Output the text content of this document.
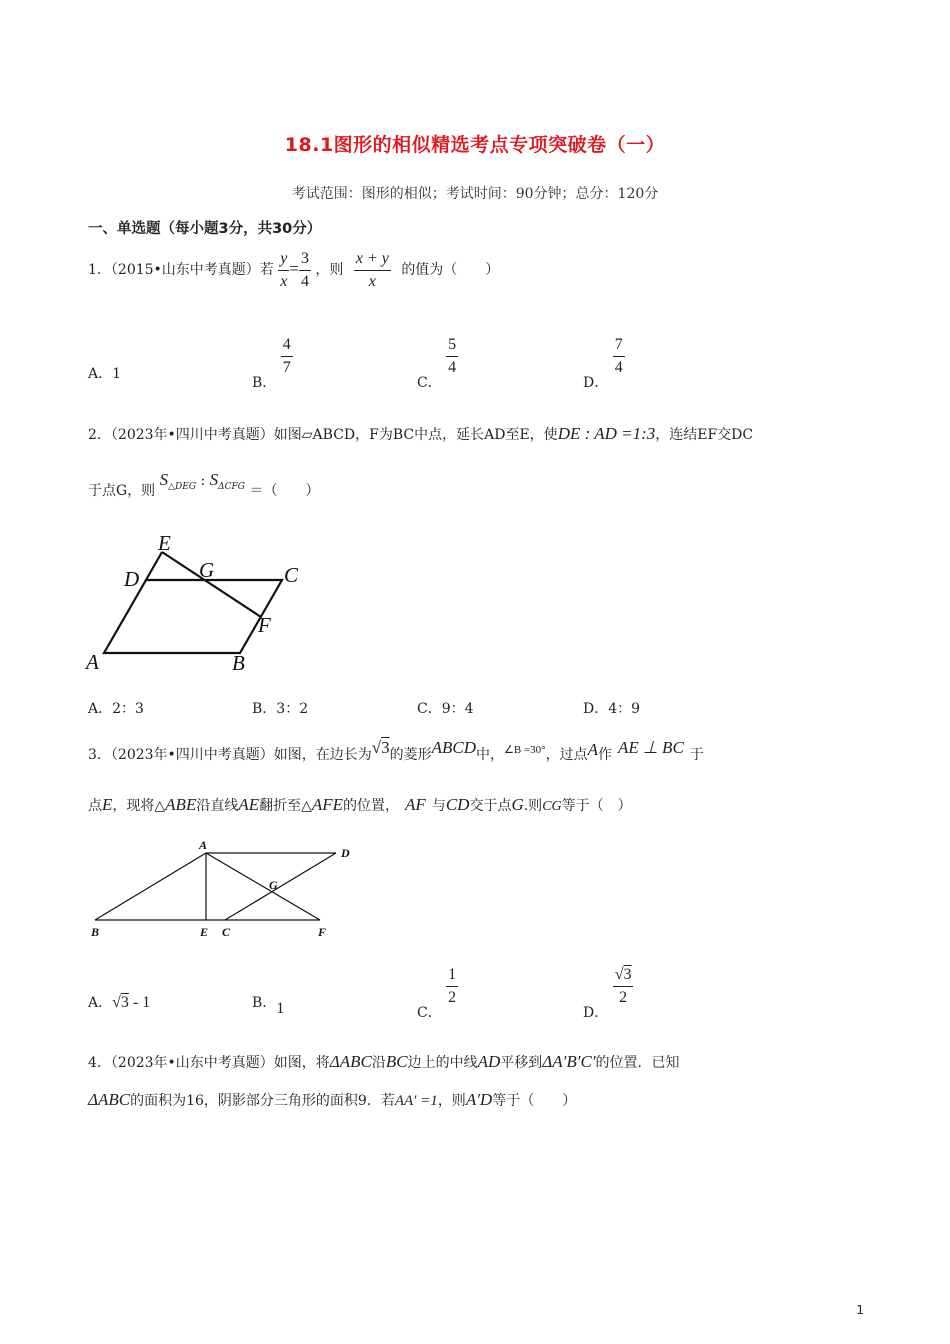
18.1图形的相似精选考点专项突破卷（一）
考试范围：图形的相似；考试时间：90分钟；总分：120分
一、单选题（每小题3分，共30分）
1．（2015•山东中考真题）若 $\frac{y}{x} = \frac{3}{4}$ ，则 $\frac{x + y}{x}$ 的值为（　　）
A．1
B．
$\frac{4}{7}$
C．
$\frac{5}{4}$
D．
$\frac{7}{4}$
2．（2023年•四川中考真题）如图▱ABCD，F为BC中点，延长AD至E，使DE : AD =1:3，连结EF交DC
于点G，则 $S_{\triangle DEG}$ : $S_{\Delta CFG}$ ＝（　　）
E
D	G	C
F
A	B
A．2：3	B．3：2	C．9：4	D．4：9
3．（2023年•四川中考真题）如图，在边长为√3的菱形ABCD中，$^{\angle B =30^\circ}$，过点A作 AE ⊥ BC 于
点E，现将△ABE沿直线AE翻折至△AFE的位置， AF 与CD交于点G.则CG等于（　）
A
D
G
B	E C	F
A．√3 - 1	B．1	C．
$\frac{1}{2}$
D．
$\frac{√3}{2}$
4．（2023年•山东中考真题）如图，将ΔABC沿BC边上的中线AD平移到ΔA′B′C′的位置．已知
ΔABC的面积为16，阴影部分三角形的面积9．若AA′ =1，则A′D等于（　　）
1
